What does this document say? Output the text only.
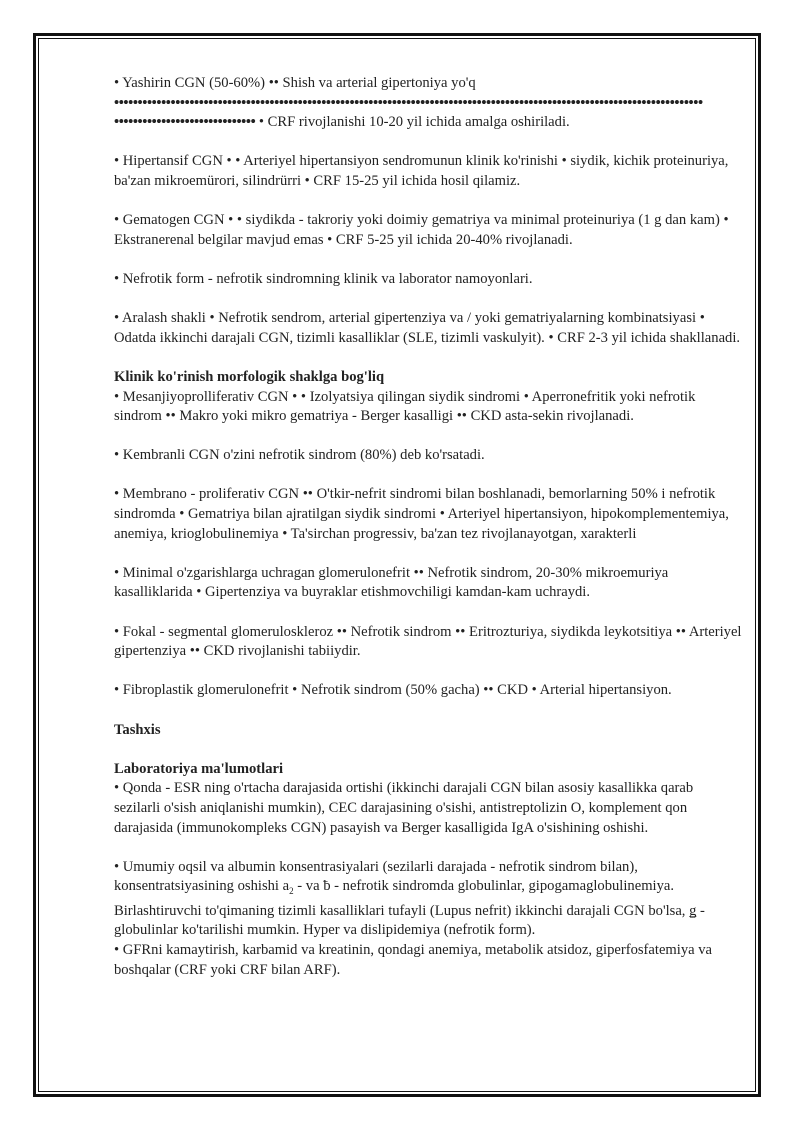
• Yashirin CGN (50-60%) •• Shish va arterial gipertoniya yo'q

•••••••••••••••••••••••••••••••••••••••••••••••••••••••••••••••••••••••••••••••••••••••••••••••••••••••••••••••••••••••••••••

•••••••••••••••••••••••••••••• • CRF rivojlanishi 10-20 yil ichida amalga oshiriladi.

• Hipertansif CGN • • Arteriyel hipertansiyon sendromunun klinik ko'rinishi • siydik, kichik proteinuriya, ba'zan mikroemürori, silindrürri • CRF 15-25 yil ichida hosil qilamiz.

• Gematogen CGN • • siydikda - takroriy yoki doimiy gematriya va minimal proteinuriya (1 g dan kam) • Ekstranerenal belgilar mavjud emas • CRF 5-25 yil ichida 20-40% rivojlanadi.

• Nefrotik form - nefrotik sindromning klinik va laborator namoyonlari.

• Aralash shakli • Nefrotik sendrom, arterial gipertenziya va / yoki gematriyalarning kombinatsiyasi • Odatda ikkinchi darajali CGN, tizimli kasalliklar (SLE, tizimli vaskulyit). • CRF 2-3 yil ichida shakllanadi.

Klinik ko'rinish morfologik shaklga bog'liq

• Mesanjiyoprolliferativ CGN • • Izolyatsiya qilingan siydik sindromi • Aperronefritik yoki nefrotik sindrom •• Makro yoki mikro gematriya - Berger kasalligi •• CKD asta-sekin rivojlanadi.

• Kembranli CGN o'zini nefrotik sindrom (80%) deb ko'rsatadi.

• Membrano - proliferativ CGN •• O'tkir-nefrit sindromi bilan boshlanadi, bemorlarning 50% i nefrotik sindromda • Gematriya bilan ajratilgan siydik sindromi • Arteriyel hipertansiyon, hipokomplementemiya, anemiya, krioglobulinemiya • Ta'sirchan progressiv, ba'zan tez rivojlanayotgan, xarakterli

• Minimal o'zgarishlarga uchragan glomerulonefrit •• Nefrotik sindrom, 20-30% mikroemuriya kasalliklarida • Gipertenziya va buyraklar etishmovchiligi kamdan-kam uchraydi.

• Fokal - segmental glomeruloskleroz •• Nefrotik sindrom •• Eritrozturiya, siydikda leykotsitiya •• Arteriyel gipertenziya •• CKD rivojlanishi tabiiydir.

• Fibroplastik glomerulonefrit • Nefrotik sindrom (50% gacha) •• CKD • Arterial hipertansiyon.

Tashxis
Laboratoriya ma'lumotlari

• Qonda - ESR ning o'rtacha darajasida ortishi (ikkinchi darajali CGN bilan asosiy kasallikka qarab sezilarli o'sish aniqlanishi mumkin), CEC darajasining o'sishi, antistreptolizin O, komplement qon darajasida (immunokompleks CGN) pasayish va Berger kasalligida IgA o'sishining oshishi.

• Umumiy oqsil va albumin konsentrasiyalari (sezilarli darajada - nefrotik sindrom bilan), konsentratsiyasining oshishi $a_2$ - va ƀ - nefrotik sindromda globulinlar, gipogamaglobulinemiya. Birlashtiruvchi to'qimaning tizimli kasalliklari tufayli (Lupus nefrit) ikkinchi darajali CGN bo'lsa, ǥ - globulinlar ko'tarilishi mumkin. Hyper va dislipidemiya (nefrotik form).

• GFRni kamaytirish, karbamid va kreatinin, qondagi anemiya, metabolik atsidoz, giperfosfatemiya va boshqalar (CRF yoki CRF bilan ARF).
